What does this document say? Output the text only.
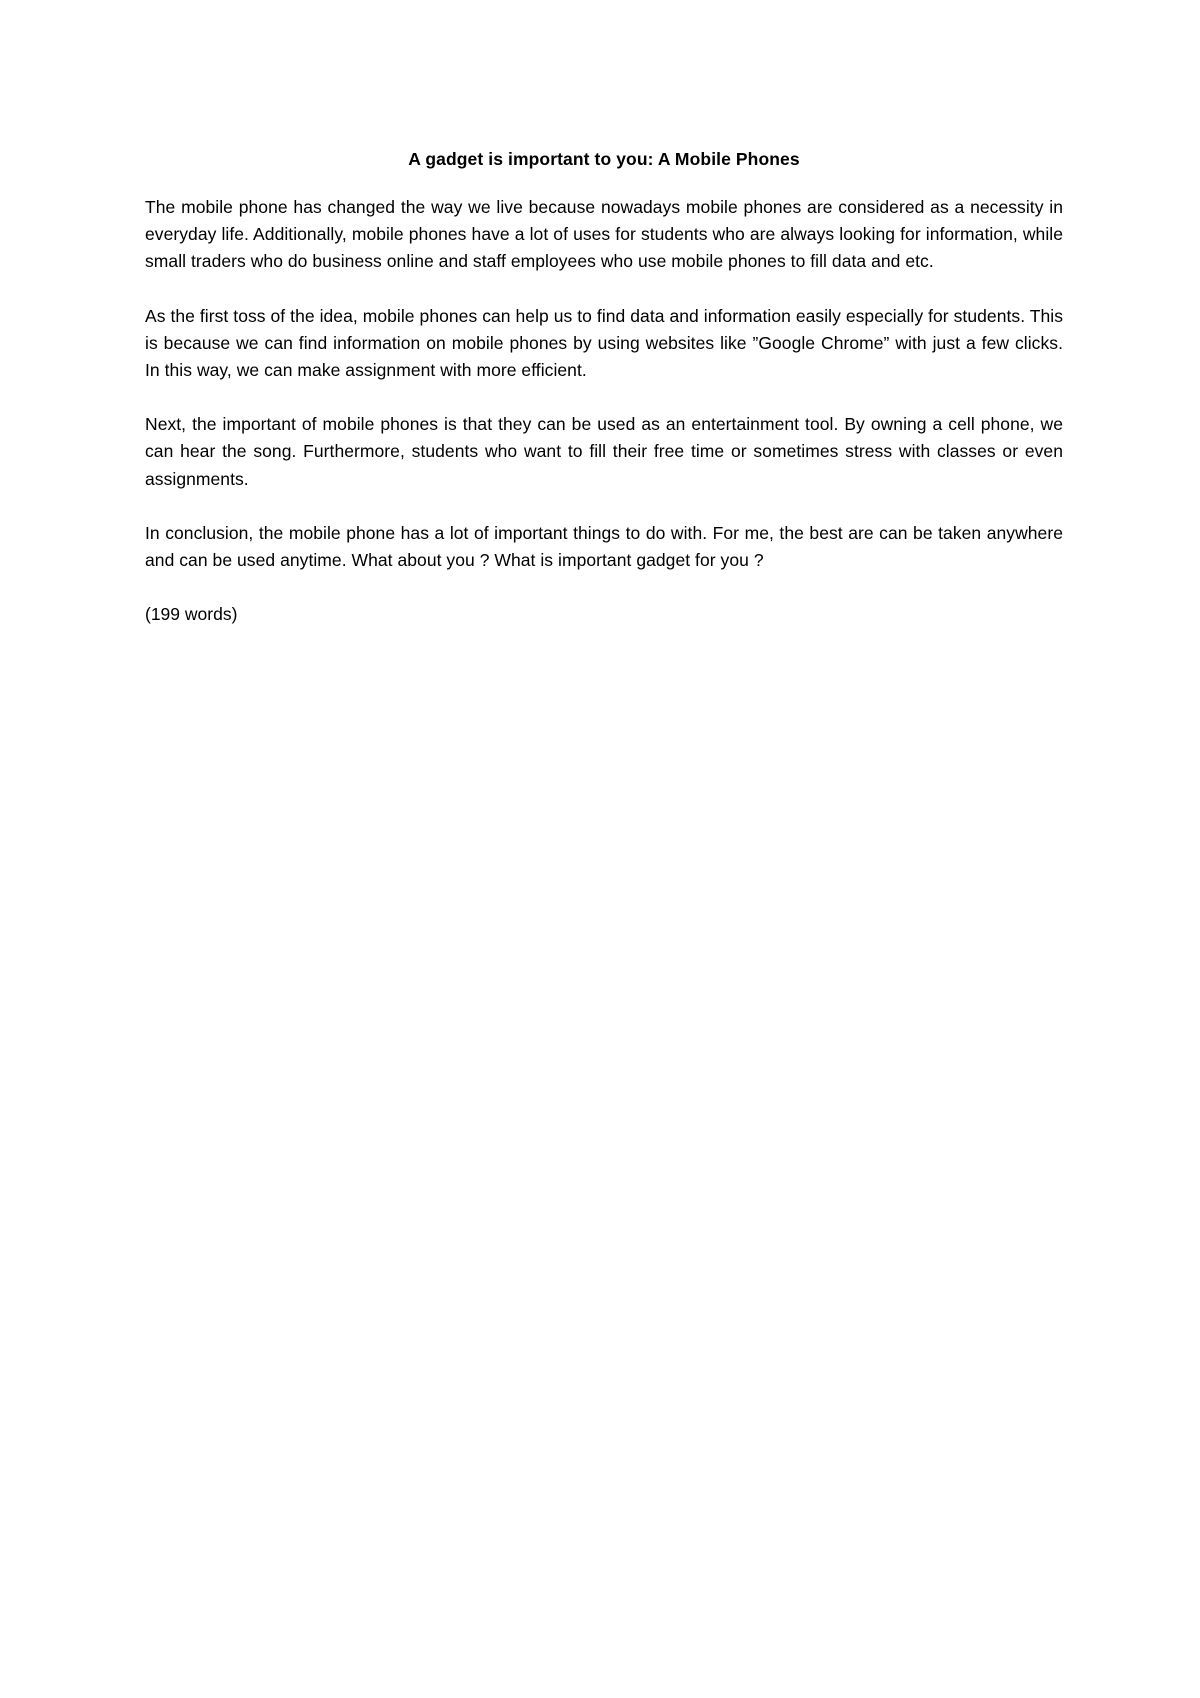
A gadget is important to you: A Mobile Phones

The mobile phone has changed the way we live because nowadays mobile phones are considered as a necessity in everyday life. Additionally, mobile phones have a lot of uses for students who are always looking for information, while small traders who do business online and staff employees who use mobile phones to fill data and etc.

As the first toss of the idea, mobile phones can help us to find data and information easily especially for students. This is because we can find information on mobile phones by using websites like ”Google Chrome” with just a few clicks. In this way, we can make assignment with more efficient.

Next, the important of mobile phones is that they can be used as an entertainment tool. By owning a cell phone, we can hear the song. Furthermore, students who want to fill their free time or sometimes stress with classes or even assignments.

In conclusion, the mobile phone has a lot of important things to do with. For me, the best are can be taken anywhere and can be used anytime. What about you ? What is important gadget for you ?

(199 words)
